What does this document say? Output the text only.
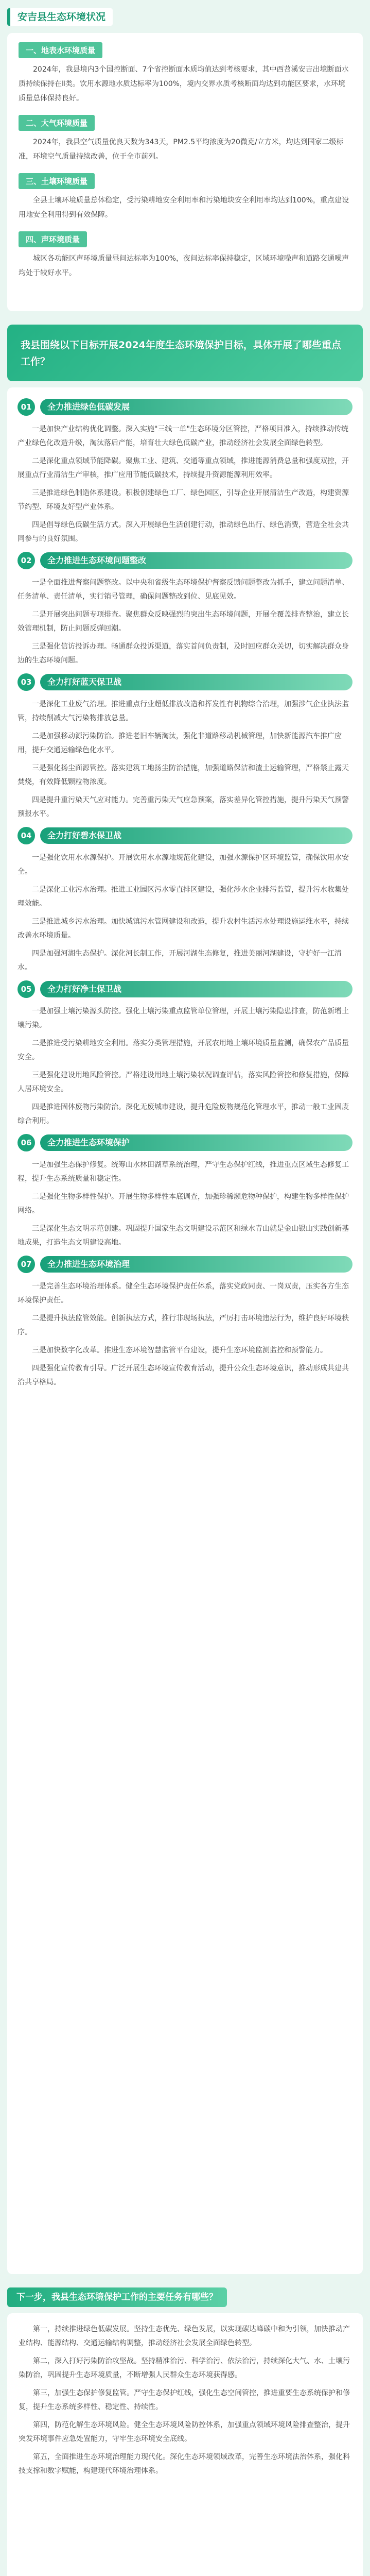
安吉县生态环境状况
一、地表水环境质量

2024年，我县境内3个国控断面、7个省控断面水质均值达到考核要求，其中西苕溪安吉出境断面水质持续保持在Ⅱ类。饮用水源地水质达标率为100%，境内交界水质考核断面均达到功能区要求，水环境质量总体保持良好。

二、大气环境质量

2024年，我县空气质量优良天数为343天，PM2.5平均浓度为20微克/立方米，均达到国家二级标准，环境空气质量持续改善，位于全市前列。

三、土壤环境质量

全县土壤环境质量总体稳定，受污染耕地安全利用率和污染地块安全利用率均达到100%，重点建设用地安全利用得到有效保障。

四、声环境质量

城区各功能区声环境质量昼间达标率为100%，夜间达标率保持稳定，区域环境噪声和道路交通噪声均处于较好水平。

我县围绕以下目标开展2024年度生态环境保护目标，具体开展了哪些重点工作？

01	全力推进绿色低碳发展

一是加快产业结构优化调整。深入实施"三线一单"生态环境分区管控，严格项目准入，持续推动传统产业绿色化改造升级，淘汰落后产能，培育壮大绿色低碳产业，推动经济社会发展全面绿色转型。

二是深化重点领域节能降碳。聚焦工业、建筑、交通等重点领域，推进能源消费总量和强度双控，开展重点行业清洁生产审核，推广应用节能低碳技术，持续提升资源能源利用效率。

三是推进绿色制造体系建设。积极创建绿色工厂、绿色园区，引导企业开展清洁生产改造，构建资源节约型、环境友好型产业体系。

四是倡导绿色低碳生活方式。深入开展绿色生活创建行动，推动绿色出行、绿色消费，营造全社会共同参与的良好氛围。

02	全力推进生态环境问题整改

一是全面推进督察问题整改。以中央和省级生态环境保护督察反馈问题整改为抓手，建立问题清单、任务清单、责任清单，实行销号管理，确保问题整改到位、见底见效。

二是开展突出问题专项排查。聚焦群众反映强烈的突出生态环境问题，开展全覆盖排查整治，建立长效管理机制，防止问题反弹回潮。

三是强化信访投诉办理。畅通群众投诉渠道，落实首问负责制，及时回应群众关切，切实解决群众身边的生态环境问题。

03	全力打好蓝天保卫战

一是深化工业废气治理。推进重点行业超低排放改造和挥发性有机物综合治理，加强涉气企业执法监管，持续削减大气污染物排放总量。

二是加强移动源污染防治。推进老旧车辆淘汰，强化非道路移动机械管理，加快新能源汽车推广应用，提升交通运输绿色化水平。

三是强化扬尘面源管控。落实建筑工地扬尘防治措施，加强道路保洁和渣土运输管理，严格禁止露天焚烧，有效降低颗粒物浓度。

四是提升重污染天气应对能力。完善重污染天气应急预案，落实差异化管控措施，提升污染天气预警预报水平。

04	全力打好碧水保卫战

一是强化饮用水水源保护。开展饮用水水源地规范化建设，加强水源保护区环境监管，确保饮用水安全。

二是深化工业污水治理。推进工业园区污水零直排区建设，强化涉水企业排污监管，提升污水收集处理效能。

三是推进城乡污水治理。加快城镇污水管网建设和改造，提升农村生活污水处理设施运维水平，持续改善水环境质量。

四是加强河湖生态保护。深化河长制工作，开展河湖生态修复，推进美丽河湖建设，守护好一江清水。

05	全力打好净土保卫战

一是加强土壤污染源头防控。强化土壤污染重点监管单位管理，开展土壤污染隐患排查，防范新增土壤污染。

二是推进受污染耕地安全利用。落实分类管理措施，开展农用地土壤环境质量监测，确保农产品质量安全。

三是强化建设用地风险管控。严格建设用地土壤污染状况调查评估，落实风险管控和修复措施，保障人居环境安全。

四是推进固体废物污染防治。深化无废城市建设，提升危险废物规范化管理水平，推动一般工业固废综合利用。

06	全力推进生态环境保护

一是加强生态保护修复。统筹山水林田湖草系统治理，严守生态保护红线，推进重点区域生态修复工程，提升生态系统质量和稳定性。

二是强化生物多样性保护。开展生物多样性本底调查，加强珍稀濒危物种保护，构建生物多样性保护网络。

三是深化生态文明示范创建。巩固提升国家生态文明建设示范区和绿水青山就是金山银山实践创新基地成果，打造生态文明建设高地。

07	全力推进生态环境治理

一是完善生态环境治理体系。健全生态环境保护责任体系，落实党政同责、一岗双责，压实各方生态环境保护责任。

二是提升执法监管效能。创新执法方式，推行非现场执法，严厉打击环境违法行为，维护良好环境秩序。

三是加快数字化改革。推进生态环境智慧监管平台建设，提升生态环境监测监控和预警能力。

四是强化宣传教育引导。广泛开展生态环境宣传教育活动，提升公众生态环境意识，推动形成共建共治共享格局。

下一步，我县生态环境保护工作的主要任务有哪些？

第一，持续推进绿色低碳发展。坚持生态优先、绿色发展，以实现碳达峰碳中和为引领，加快推动产业结构、能源结构、交通运输结构调整，推动经济社会发展全面绿色转型。

第二，深入打好污染防治攻坚战。坚持精准治污、科学治污、依法治污，持续深化大气、水、土壤污染防治，巩固提升生态环境质量，不断增强人民群众生态环境获得感。

第三，加强生态保护修复监管。严守生态保护红线，强化生态空间管控，推进重要生态系统保护和修复，提升生态系统多样性、稳定性、持续性。

第四，防范化解生态环境风险。健全生态环境风险防控体系，加强重点领域环境风险排查整治，提升突发环境事件应急处置能力，守牢生态环境安全底线。

第五，全面推进生态环境治理能力现代化。深化生态环境领域改革，完善生态环境法治体系，强化科技支撑和数字赋能，构建现代环境治理体系。
